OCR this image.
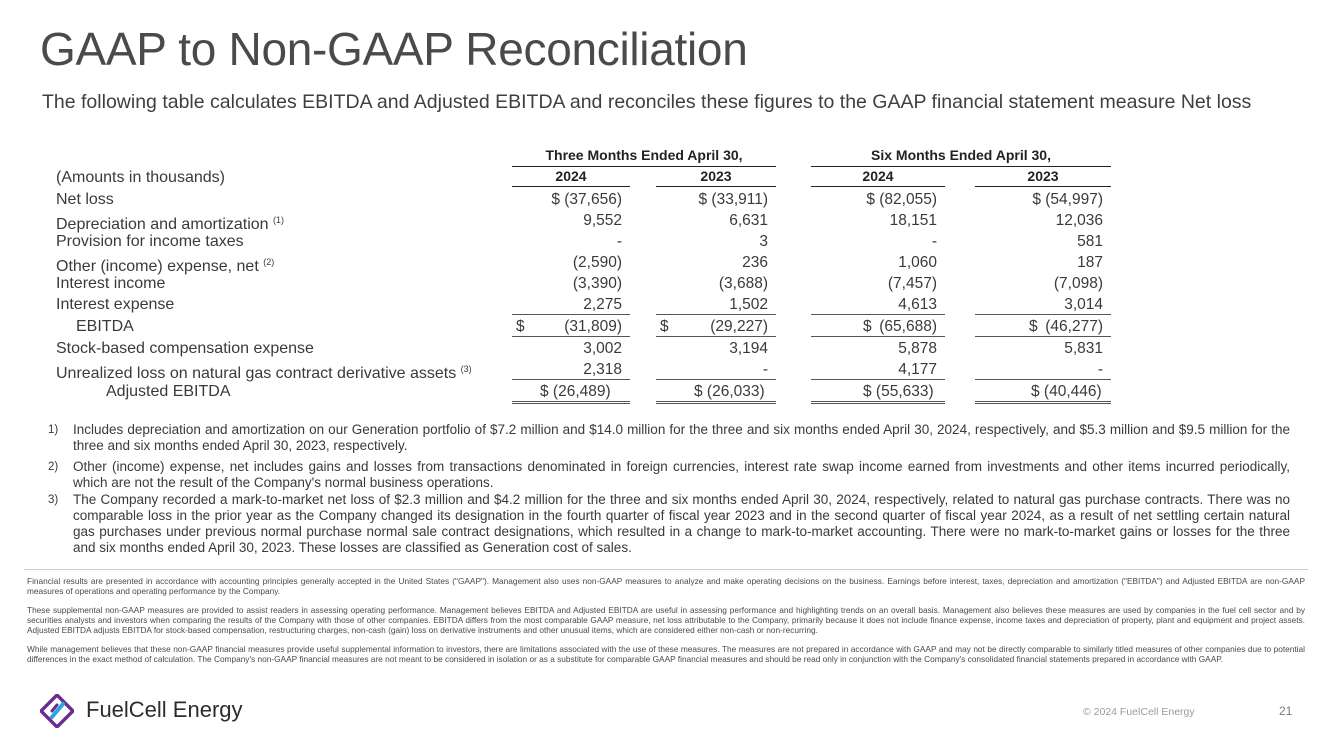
GAAP to Non-GAAP Reconciliation
The following table calculates EBITDA and Adjusted EBITDA and reconciles these figures to the GAAP financial statement measure Net loss
Three Months Ended April 30,	Six Months Ended April 30,
(Amounts in thousands)	2024	2023	2024	2023
Net loss	$ (37,656)	$ (33,911)	$ (82,055)	$ (54,997)
Depreciation and amortization $^{(1)}$	9,552	6,631	18,151	12,036
Provision for income taxes	-	3	-	581
Other (income) expense, net $^{(2)}$	(2,590)	236	1,060	187
Interest income	(3,390)	(3,688)	(7,457)	(7,098)
Interest expense	2,275	1,502	4,613	3,014
EBITDA	$	(31,809)	$	(29,227)	$ (65,688)	$ (46,277)
Stock-based compensation expense	3,002	3,194	5,878	5,831
Unrealized loss on natural gas contract derivative assets $^{(3)}$	2,318	-	4,177	-
Adjusted EBITDA	$ (26,489)	$ (26,033)	$ (55,633)	$ (40,446)
1) Includes depreciation and amortization on our Generation portfolio of $7.2 million and $14.0 million for the three and six months ended April 30, 2024, respectively, and $5.3 million and $9.5 million for the three and six months ended April 30, 2023, respectively.
2) Other (income) expense, net includes gains and losses from transactions denominated in foreign currencies, interest rate swap income earned from investments and other items incurred periodically, which are not the result of the Company's normal business operations.
3) The Company recorded a mark-to-market net loss of $2.3 million and $4.2 million for the three and six months ended April 30, 2024, respectively, related to natural gas purchase contracts. There was no comparable loss in the prior year as the Company changed its designation in the fourth quarter of fiscal year 2023 and in the second quarter of fiscal year 2024, as a result of net settling certain natural gas purchases under previous normal purchase normal sale contract designations, which resulted in a change to mark-to-market accounting. There were no mark-to-market gains or losses for the three and six months ended April 30, 2023. These losses are classified as Generation cost of sales.
Financial results are presented in accordance with accounting principles generally accepted in the United States ("GAAP"). Management also uses non-GAAP measures to analyze and make operating decisions on the business. Earnings before interest, taxes, depreciation and amortization ("EBITDA") and Adjusted EBITDA are non-GAAP measures of operations and operating performance by the Company.
These supplemental non-GAAP measures are provided to assist readers in assessing operating performance. Management believes EBITDA and Adjusted EBITDA are useful in assessing performance and highlighting trends on an overall basis. Management also believes these measures are used by companies in the fuel cell sector and by securities analysts and investors when comparing the results of the Company with those of other companies. EBITDA differs from the most comparable GAAP measure, net loss attributable to the Company, primarily because it does not include finance expense, income taxes and depreciation of property, plant and equipment and project assets. Adjusted EBITDA adjusts EBITDA for stock-based compensation, restructuring charges, non-cash (gain) loss on derivative instruments and other unusual items, which are considered either non-cash or non-recurring.
While management believes that these non-GAAP financial measures provide useful supplemental information to investors, there are limitations associated with the use of these measures. The measures are not prepared in accordance with GAAP and may not be directly comparable to similarly titled measures of other companies due to potential differences in the exact method of calculation. The Company's non-GAAP financial measures are not meant to be considered in isolation or as a substitute for comparable GAAP financial measures and should be read only in conjunction with the Company's consolidated financial statements prepared in accordance with GAAP.
FuelCell Energy	© 2024 FuelCell Energy	21
